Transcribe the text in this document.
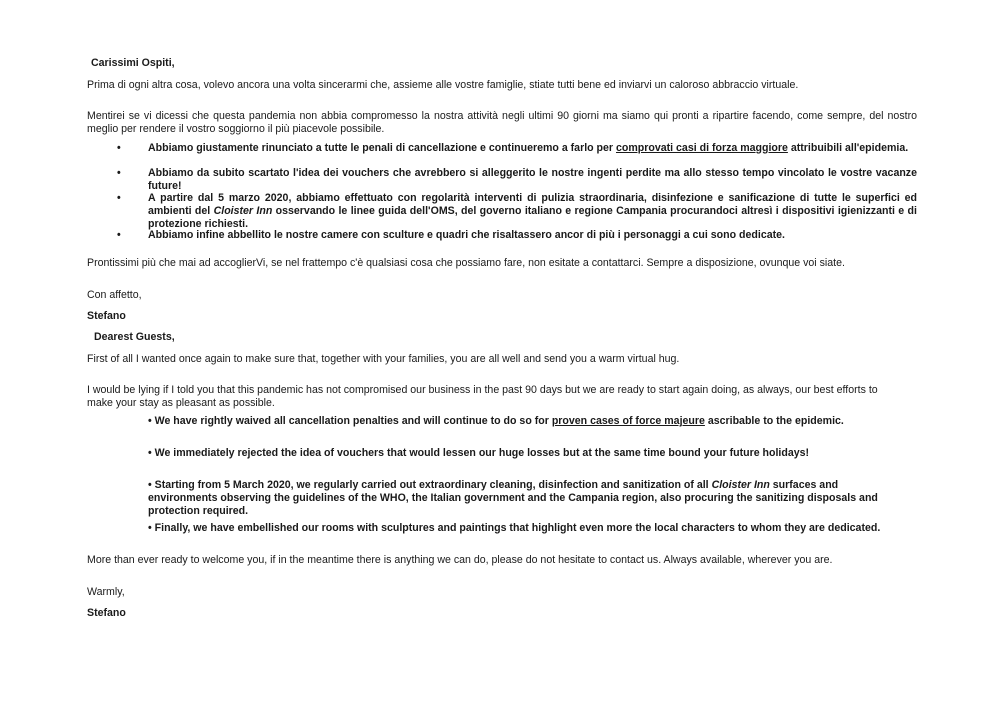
Carissimi Ospiti,

Prima di ogni altra cosa, volevo ancora una volta sincerarmi che, assieme alle vostre famiglie, stiate tutti bene ed inviarvi un caloroso abbraccio virtuale.

Mentirei se vi dicessi che questa pandemia non abbia compromesso la nostra attività negli ultimi 90 giorni ma siamo qui pronti a ripartire facendo, come sempre, del nostro meglio per rendere il vostro soggiorno il più piacevole possibile.

•	Abbiamo giustamente rinunciato a tutte le penali di cancellazione e continueremo a farlo per comprovati casi di forza maggiore attribuibili all'epidemia.
•	Abbiamo da subito scartato l'idea dei vouchers che avrebbero si alleggerito le nostre ingenti perdite ma allo stesso tempo vincolato le vostre vacanze future!
•	A partire dal 5 marzo 2020, abbiamo effettuato con regolarità interventi di pulizia straordinaria, disinfezione e sanificazione di tutte le superfici ed ambienti del Cloister Inn osservando le linee guida dell'OMS, del governo italiano e regione Campania procurandoci altresì i dispositivi igienizzanti e di protezione richiesti.
•	Abbiamo infine abbellito le nostre camere con sculture e quadri che risaltassero ancor di più i personaggi a cui sono dedicate.

Prontissimi più che mai ad accoglierVi, se nel frattempo c'è qualsiasi cosa che possiamo fare, non esitate a contattarci. Sempre a disposizione, ovunque voi siate.

Con affetto,

Stefano

Dearest Guests,

First of all I wanted once again to make sure that, together with your families, you are all well and send you a warm virtual hug.

I would be lying if I told you that this pandemic has not compromised our business in the past 90 days but we are ready to start again doing, as always, our best efforts to make your stay as pleasant as possible.

• We have rightly waived all cancellation penalties and will continue to do so for proven cases of force majeure ascribable to the epidemic.

• We immediately rejected the idea of vouchers that would lessen our huge losses but at the same time bound your future holidays!

• Starting from 5 March 2020, we regularly carried out extraordinary cleaning, disinfection and sanitization of all Cloister Inn surfaces and environments observing the guidelines of the WHO, the Italian government and the Campania region, also procuring the sanitizing disposals and protection required.

• Finally, we have embellished our rooms with sculptures and paintings that highlight even more the local characters to whom they are dedicated.

More than ever ready to welcome you, if in the meantime there is anything we can do, please do not hesitate to contact us. Always available, wherever you are.

Warmly,

Stefano
